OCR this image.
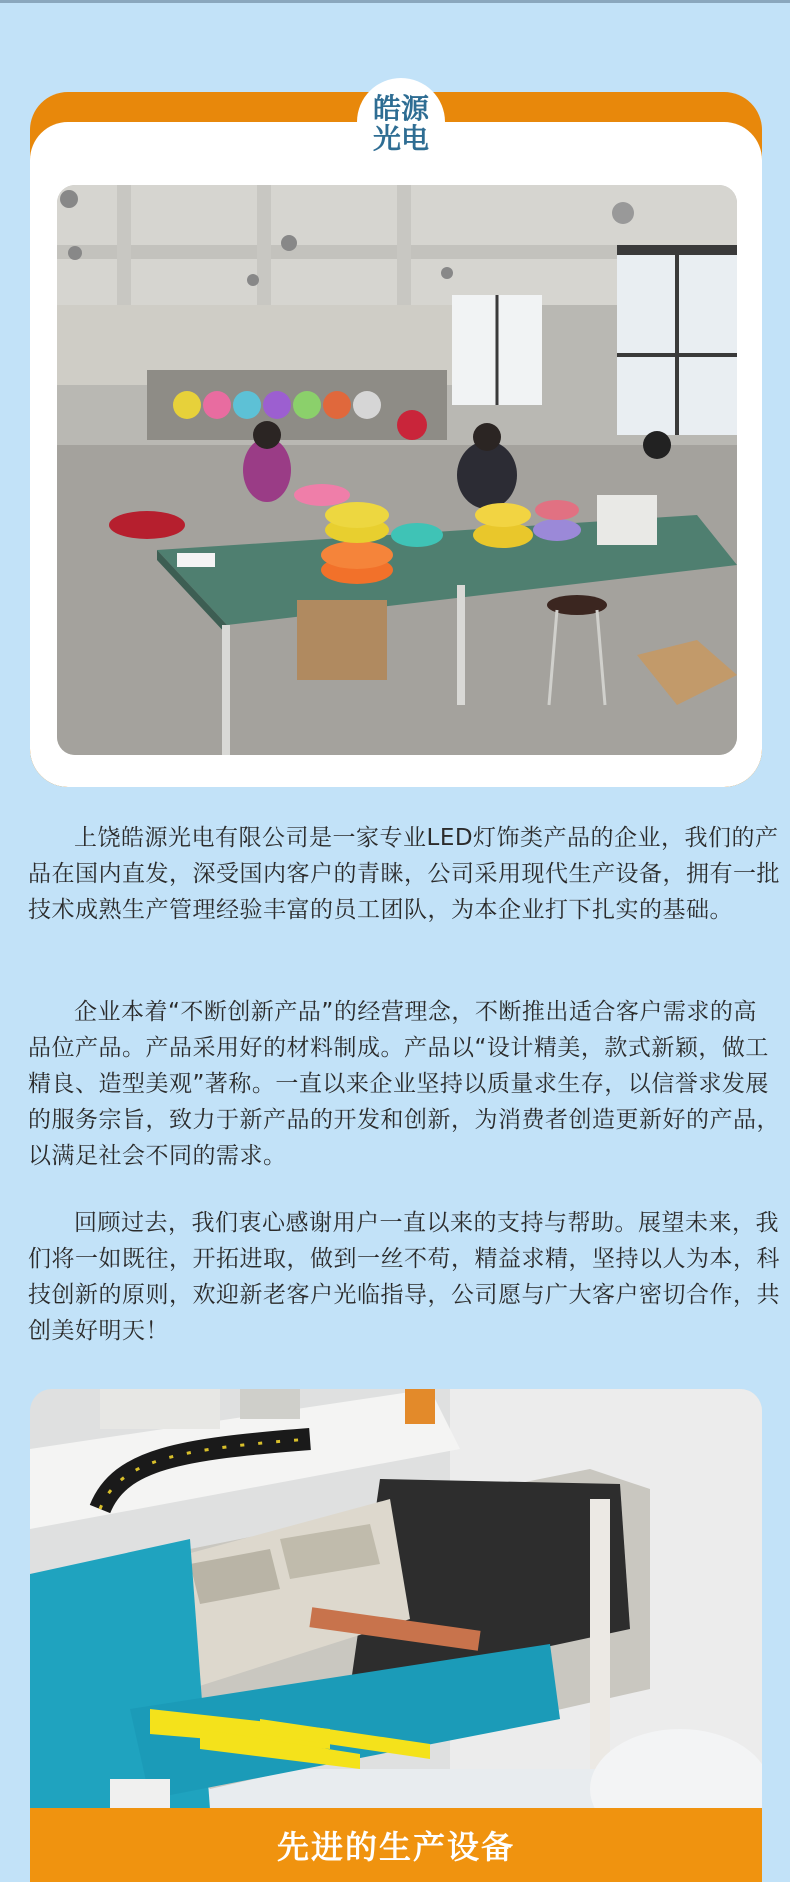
皓源
光电

上饶皓源光电有限公司是一家专业LED灯饰类产品的企业，我们的产品在国内直发，深受国内客户的青睐，公司采用现代生产设备，拥有一批技术成熟生产管理经验丰富的员工团队，为本企业打下扎实的基础。

企业本着“不断创新产品”的经营理念，不断推出适合客户需求的高品位产品。产品采用好的材料制成。产品以“设计精美，款式新颖，做工精良、造型美观”著称。一直以来企业坚持以质量求生存，以信誉求发展的服务宗旨，致力于新产品的开发和创新，为消费者创造更新好的产品，以满足社会不同的需求。

回顾过去，我们衷心感谢用户一直以来的支持与帮助。展望未来，我们将一如既往，开拓进取，做到一丝不苟，精益求精，坚持以人为本，科技创新的原则，欢迎新老客户光临指导，公司愿与广大客户密切合作，共创美好明天！

先进的生产设备
